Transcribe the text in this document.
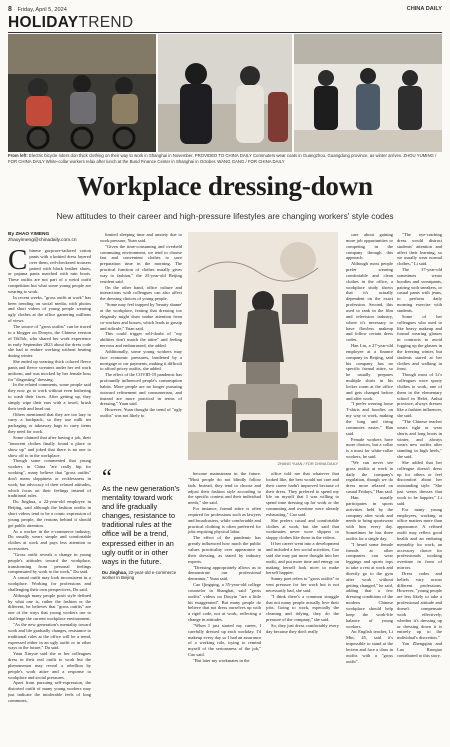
8 Friday, April 5, 2024	CHINA DAILY
HOLIDAYTREND
From left: Electric bicycle riders don thick clothing on their way to work in Shanghai in November. PROVIDED TO CHINA DAILY Commuters wear coats in Guangzhou, Guangdong province, as winter arrives. ZHOU YUMING / FOR CHINA DAILY White-collar workers relax after lunch at the Bund Finance Center in Shanghai in October. WANG GANG / FOR CHINA DAILY
Workplace dressing-down
New attitudes to their career and high-pressure lifestyles are changing workers' style codes
By ZHAO YIMENG
zhaoyimeng@chinadaily.com.cn
C hinese gorpcore-tailored cotton pants with a knitted dress layered over them, red-checkered trousers paired with black leather shoes, or pajama pants matched with rain boots. These outfits are not part of a weird outfit competition but what some young people are wearing to work.

In recent weeks, "gross outfit at work" has been trending on social media, with photos and short videos of young people wearing ugly clothes at the office garnering millions of views.

The source of "gross outfits" can be traced to a blogger on Douyin, the Chinese version of TikTok, who shared her work experience in early September 2023 about the dress code she had to endure working without heating during winter.

She ended up wearing thick colored fleece pants and fleece sweaters under her red work uniform, and was mocked by her female boss for "disgusting" dressing.

In the related comments, some people said they now go to work without even bothering to wash their faces. After getting up, they simply wipe their ears with a towel, brush their teeth and head out.

Others mentioned that they are too lazy to carry a backpack, so they use milk tea packaging or takeaway bags to carry items they need for work.

Some claimed that after having a job, their "innocent clothes finally found a place to show up" and joked that there is no one to show off to in the workplace.

Though some commented that young workers in China "are really hip for working", many believe that "gross outfits" don't mean sloppiness or recklessness in work, but advocacy of their relaxed attitudes, which focus on their feelings instead of traditional rules.

Du Jinghua, a 22-year-old employee in Beijing, said although the fashion outfits in short videos tend to be a comic expression of young people, the reasons behind it should get public attention.

As a worker in the e-commerce industry, Du usually wears simple and comfortable clothes at work and pays less attention to accessories.

"Gross outfit reveals a change in young people's attitudes toward the workplace, transforming from personal feelings compensated by work to the work," Du said.

A casual outfit may look inconsistent in a workplace. Working for professions and challenging their own perspectives, Du said.

Although many people posit style defined by what one is, rather the fashion or the different, he believes that "gross outfits" are one of the ways that young workers use to challenge the current workplace environment.

"As the new generation's mentality toward work and life gradually changes, resistance to traditional rules at the office will be a trend, expressed either in an ugly outfit or in other ways in the future," Du said.

Yuan Xinyue said she or her colleagues dress in their real outfit to work but the phenomenon may reveal a rebellion by people's work attire and a response to workplace and social pressures.

Apart from pursuing self-expression, the distorted outfit of many young workers may just indicate the intolerable feels of long commutes,

limited sleeping time and anxiety due to work pressure, Yuan said.

"Given the time-consuming and overheld commuting environment, we tend to choose fast and convenient clothes to save preparation time in the morning. The practical function of clothes usually gives way to fashion," the 25-year-old Beijing resident said.

On the other hand, office culture and interactions with colleagues can also affect the dressing choices of young people.

"Some may feel trapped by 'beauty shame' at the workplace, fearing that dressing too elegantly might draw undue attention from co-workers and bosses, which leads to gossip and ridicule," Yuan said.

This could trigger self-doubt of "my abilities don't match the attire" and feeling nervous and embarrassed, she added.

Additionally, some young workers may face economic pressures, burdened by a mortgage or car payments, making it difficult to afford pricey outfits, she added.

The effect of the COVID-19 pandemic has profoundly influenced people's consumption habits. More people are no longer pursuing outward refinement and consumerism, and instead are more practical in terms of dressing," Yuan said.

However, Yuan thought the trend of "ugly outfits" was not likely to

“
As the new generation's mentality toward work and life gradually changes, resistance to traditional rules at the office will be a trend, expressed either in an ugly outfit or in other ways in the future.
Du Jinghua, 22-year-old e-commerce worker in Beijing
ZHANG YUAN / FOR CHINA DAILY

become mainstream in the future. "Most people do not blindly follow fads. Instead, they tend to choose and adjust their fashion style according to the specific context and their individual needs," she said.

For instance, formal attire is often required for professions such as lawyers and broadcasters, while comfortable and practical clothing is often preferred for jobs requiring physical labor.

The effect of the pandemic has greatly influenced how much the public values practicality over appearance in their dressing, as stated by industry experts.

"Dressing appropriately allows us to demonstrate our professional demeanor," Yuan said.

Cao Qingqing, a 35-year-old college counselor in Shanghai, said "gross outfits" videos on Douyin "are a little bit exaggerated". But many people do believe that not dress ourselves up with a rigid code, not at work, reflecting a change in attitudes.

"When I just started my career, I carefully dressed up each workday. I'd makeup every day so I had an assurance of a working role, trying to remind myself of the seriousness of the job," Cao said.

"But later my workmates in the

office told me that whatever that looked like, the best would not care and their career hadn't improved because of their dress. They prefered to spend my life on myself that I was willing to spend time dressing up for work or the commuting and overtime were already exhausting," Cao said.

She prefers casual and comfortable clothes at work, but she said that workmates never wore slippers or sloppy clothes like those in the videos.

If her career went into a development and included a few social activities, Cao said she may put more thought into her outfit, and put more time and energy on making herself look nicer to make herself happier.

Sunny poet refers to "gross outfits" to vent pressure for her work but is not necessarily bad, she said.

"I think there's a common struggle that not many people actually love their jobs. Going to work, especially the cleaning and tidying, they do the pressure of the company," she said.

So, they just dress comfortably every day because they don't really

care about gaining more job opportunities or competing in the company through this approach.

Although most people prefer wearing comfortable and clean clothes in the office, a workplace study shows that it's actually dependent on the exact profession. Second, this used to rank in the film and television industry, where it's necessary to have flawless makeup and follow certain dress codes.

Han Liu, a 27-year-old employee at a finance company in Beijing, said his company has no specific formal attire, so he usually prepares multiple shirts in his locker room at the office and gets changed before and after work.

"I prefer wearing loose T-shirts and hoodies on my way to work, making the long and tiring commutes easier," Han said.

Female workers have more choices, but a collar is a must for white-collar workers, he said.

"We can never see gross outfits at work in daily the company's regulation, though we do dress more relaxed on casual Fridays," Han said.

Han usually participates in sports activities held by the company after work and needs to bring sportswear with him every day. Sometimes he has three outfits for a single day.

"I heard some female friends at other companies can wear leggings and sports tops to take a rest at work and directly go to the gym after work without getting changed," he said, adding that a few dressing conditions of the modern Chinese workplace should help keep the work-life balance of young workers.

An English teacher, Li Min, 45, said it's impossible to stand at the lectern and face a class in outfits with a "gross outfit".

"The eye-catching dress would distract students' attention and affect their learning, so we usually wear normal clothes," Li said.

The 37-year-old sometimes wears hoodies and sweatpants, pairing with sneakers, or casual pants with jeans, to perform daily morning exercise with students.

Some of her colleagues who used to like heavy makeup and formal wearing glasses in contracts to avoid fogging up the glasses in the freezing winter, but students stared at her clothes and walking in front.

Though most of Li's colleagues wore sporty clothes to work, one of them in the elementary school in Hefei, Anhui province, always dresses like a fashion influencer, she said.

"The Chinese teacher wears tight or wear shorts and long boots in winter, and always wears new outfits after standing in high heels," she said.

She added that her colleague doesn't dress up for others or feel discomfort about her outstanding style. "She just wears dresses that work to be happier," Li said.

For many young employees, working at office matters more than appearance. A refined outfit may reflect good health and an enduring mentality for work, an accessory choice for professionals working overtime in front of mirrors.

Dress codes and beliefs vary across different professions. However, "young people are less likely to take a professional attitude and doesn't compensate work effectively, whether it's dressing up or dressing down it is entirely up to the individual's discretion."

Yan Zhengqian and Luo Ruoqiao contributed to this story.
